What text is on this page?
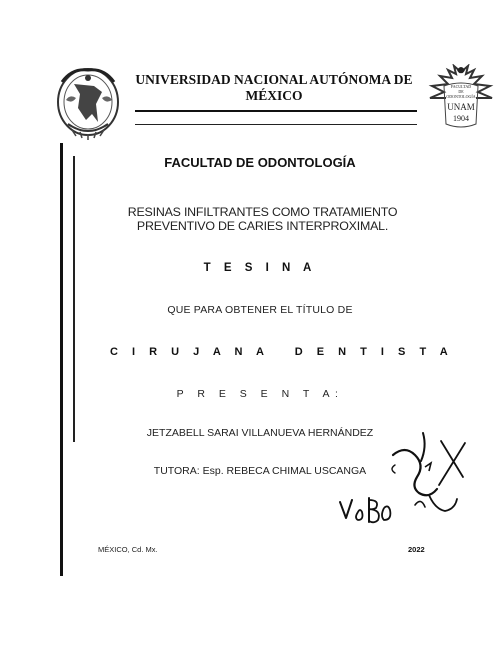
UNIVERSIDAD NACIONAL AUTÓNOMA DE
MÉXICO
FACULTAD
DE
ODONTOLOGÍA
UNAM
1904
FACULTAD DE ODONTOLOGÍA
RESINAS INFILTRANTES COMO TRATAMIENTO
PREVENTIVO DE CARIES INTERPROXIMAL.
T E S I N A
QUE PARA OBTENER EL TÍTULO DE
C I R U J A N A   D E N T I S T A
P R E S E N T A:
JETZABELL SARAI VILLANUEVA HERNÁNDEZ
TUTORA: Esp. REBECA CHIMAL USCANGA
MÉXICO, Cd. Mx.	2022
